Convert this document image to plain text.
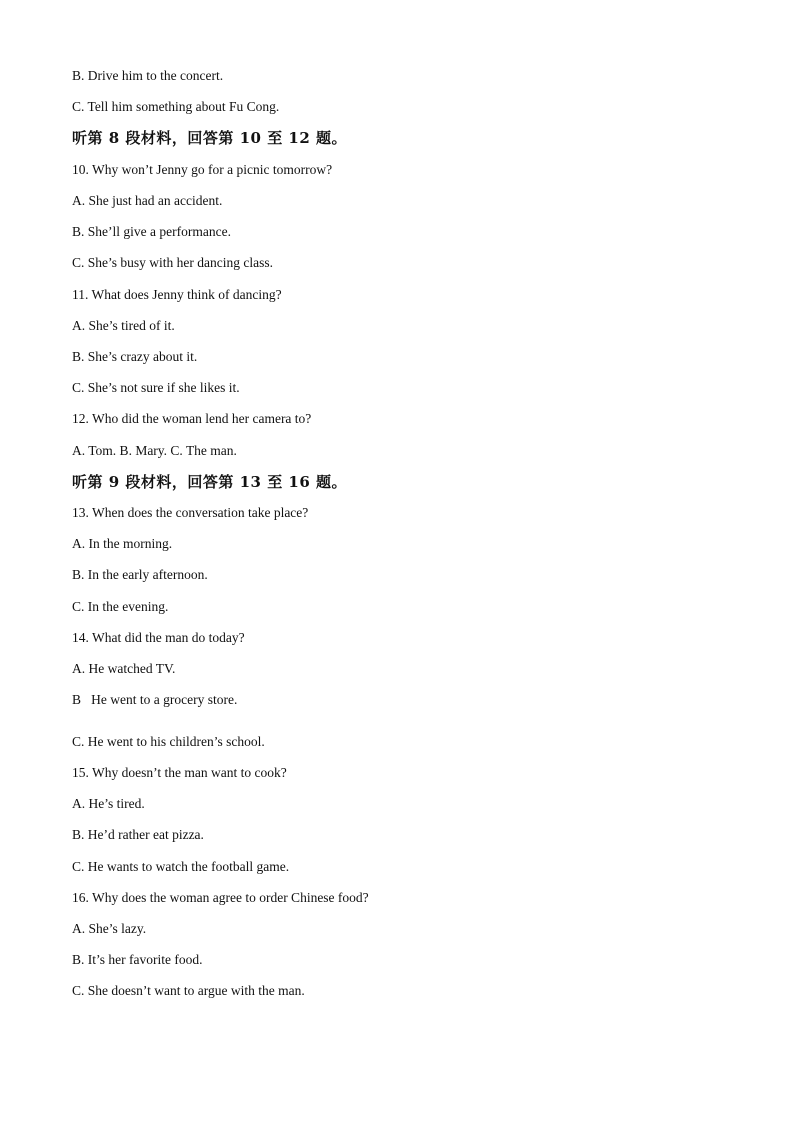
B. Drive him to the concert.
C. Tell him something about Fu Cong.
听第 8 段材料，回答第 10 至 12 题。
10. Why won’t Jenny go for a picnic tomorrow?
A. She just had an accident.
B. She’ll give a performance.
C. She’s busy with her dancing class.
11. What does Jenny think of dancing?
A. She’s tired of it.
B. She’s crazy about it.
C. She’s not sure if she likes it.
12. Who did the woman lend her camera to?
A. Tom. B. Mary. C. The man.
听第 9 段材料，回答第 13 至 16 题。
13. When does the conversation take place?
A. In the morning.
B. In the early afternoon.
C. In the evening.
14. What did the man do today?
A. He watched TV.
B   He went to a grocery store.
C. He went to his children’s school.
15. Why doesn’t the man want to cook?
A. He’s tired.
B. He’d rather eat pizza.
C. He wants to watch the football game.
16. Why does the woman agree to order Chinese food?
A. She’s lazy.
B. It’s her favorite food.
C. She doesn’t want to argue with the man.
